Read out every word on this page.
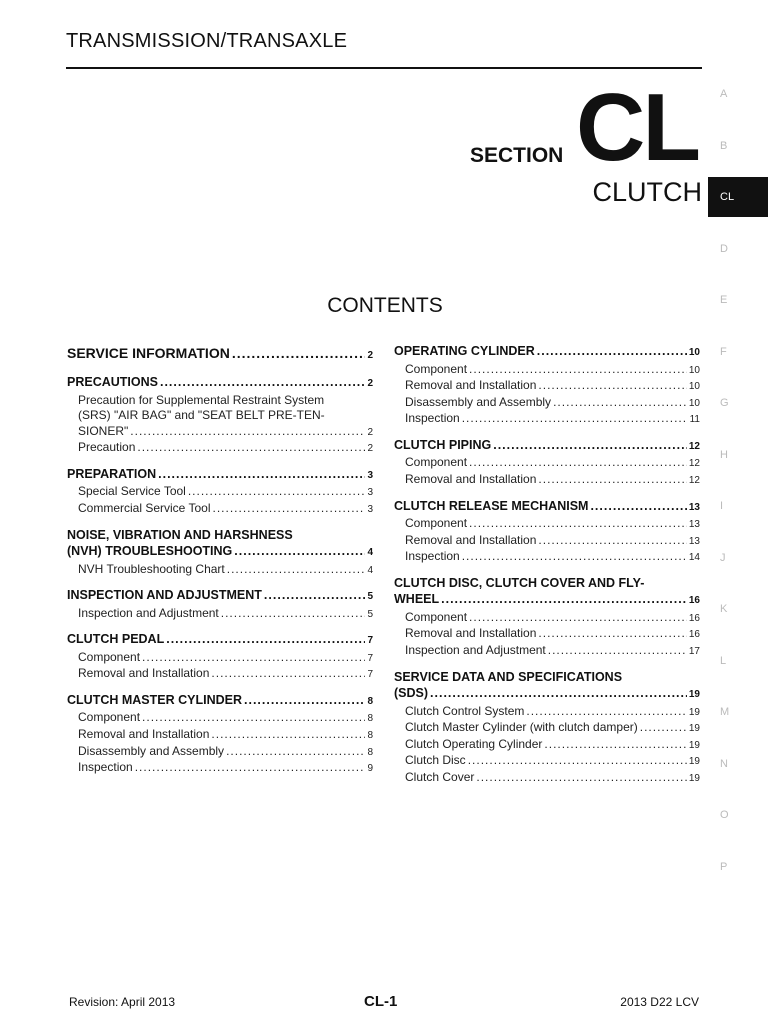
TRANSMISSION/TRANSAXLE
SECTION CL
CLUTCH
A
B
CL
D
E
F
G
H
I
J
K
L
M
N
O
P
CONTENTS
SERVICE INFORMATION .....	2
PRECAUTIONS .....	2
Precaution for Supplemental Restraint System
(SRS) "AIR BAG" and "SEAT BELT PRE-TEN-
SIONER" .....	2
Precaution .....	2
PREPARATION .....	3
Special Service Tool .....	3
Commercial Service Tool .....	3
NOISE, VIBRATION AND HARSHNESS
(NVH) TROUBLESHOOTING .....	4
NVH Troubleshooting Chart .....	4
INSPECTION AND ADJUSTMENT .....	5
Inspection and Adjustment .....	5
CLUTCH PEDAL .....	7
Component .....	7
Removal and Installation .....	7
CLUTCH MASTER CYLINDER .....	8
Component .....	8
Removal and Installation .....	8
Disassembly and Assembly .....	8
Inspection .....	9
OPERATING CYLINDER .....	10
Component .....	10
Removal and Installation .....	10
Disassembly and Assembly .....	10
Inspection .....	11
CLUTCH PIPING .....	12
Component .....	12
Removal and Installation .....	12
CLUTCH RELEASE MECHANISM .....	13
Component .....	13
Removal and Installation .....	13
Inspection .....	14
CLUTCH DISC, CLUTCH COVER AND FLY-
WHEEL .....	16
Component .....	16
Removal and Installation .....	16
Inspection and Adjustment .....	17
SERVICE DATA AND SPECIFICATIONS
(SDS) .....	19
Clutch Control System .....	19
Clutch Master Cylinder (with clutch damper) .....	19
Clutch Operating Cylinder .....	19
Clutch Disc .....	19
Clutch Cover .....	19
Revision: April 2013	CL-1	2013 D22 LCV
